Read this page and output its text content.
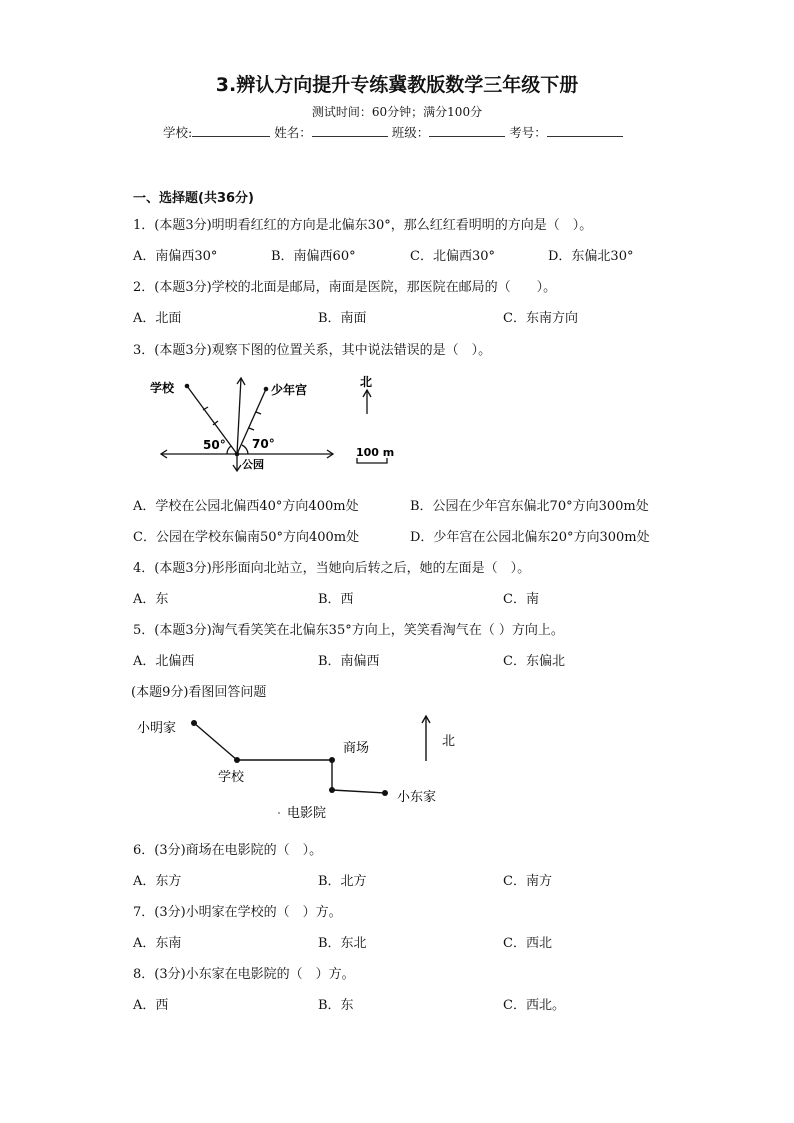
3.辨认方向提升专练冀教版数学三年级下册
测试时间：60分钟；满分100分
学校:	姓名：	班级：	考号：
一、选择题(共36分)
1．(本题3分)明明看红红的方向是北偏东30°，那么红红看明明的方向是（　）。
A．南偏西30°	B．南偏西60°	C．北偏西30°	D．东偏北30°
2．(本题3分)学校的北面是邮局，南面是医院，那医院在邮局的（　　）。
A．北面	B．南面	C．东南方向
3．(本题3分)观察下图的位置关系，其中说法错误的是（　）。
学校	少年宫
公园
北
50° 70°
100 m
A．学校在公园北偏西40°方向400m处	B．公园在少年宫东偏北70°方向300m处
C．公园在学校东偏南50°方向400m处	D．少年宫在公园北偏东20°方向300m处
4．(本题3分)彤彤面向北站立，当她向后转之后，她的左面是（　）。
A．东	B．西	C．南
5．(本题3分)淘气看笑笑在北偏东35°方向上，笑笑看淘气在（ ）方向上。
A．北偏西	B．南偏西	C．东偏北
(本题9分)看图回答问题
小明家
学校
商场
电影院
小东家
北
6．(3分)商场在电影院的（　）。
A．东方	B．北方	C．南方
7．(3分)小明家在学校的（　）方。
A．东南	B．东北	C．西北
8．(3分)小东家在电影院的（　）方。
A．西	B．东	C．西北。
